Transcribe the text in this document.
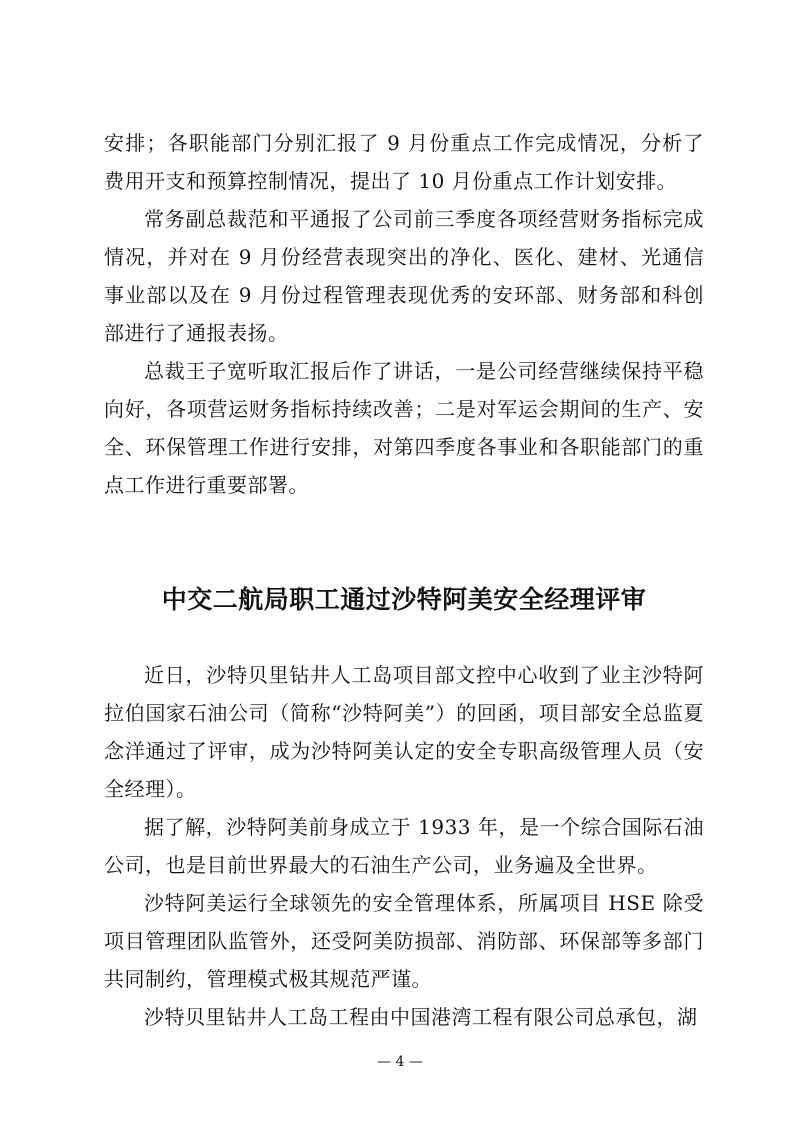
安排；各职能部门分别汇报了 9 月份重点工作完成情况，分析了费用开支和预算控制情况，提出了 10 月份重点工作计划安排。

常务副总裁范和平通报了公司前三季度各项经营财务指标完成情况，并对在 9 月份经营表现突出的净化、医化、建材、光通信事业部以及在 9 月份过程管理表现优秀的安环部、财务部和科创部进行了通报表扬。

总裁王子宽听取汇报后作了讲话，一是公司经营继续保持平稳向好，各项营运财务指标持续改善；二是对军运会期间的生产、安全、环保管理工作进行安排，对第四季度各事业和各职能部门的重点工作进行重要部署。

中交二航局职工通过沙特阿美安全经理评审

近日，沙特贝里钻井人工岛项目部文控中心收到了业主沙特阿拉伯国家石油公司（简称“沙特阿美”）的回函，项目部安全总监夏念洋通过了评审，成为沙特阿美认定的安全专职高级管理人员（安全经理）。

据了解，沙特阿美前身成立于 1933 年，是一个综合国际石油公司，也是目前世界最大的石油生产公司，业务遍及全世界。

沙特阿美运行全球领先的安全管理体系，所属项目 HSE 除受项目管理团队监管外，还受阿美防损部、消防部、环保部等多部门共同制约，管理模式极其规范严谨。

沙特贝里钻井人工岛工程由中国港湾工程有限公司总承包，湖

— 4 —
